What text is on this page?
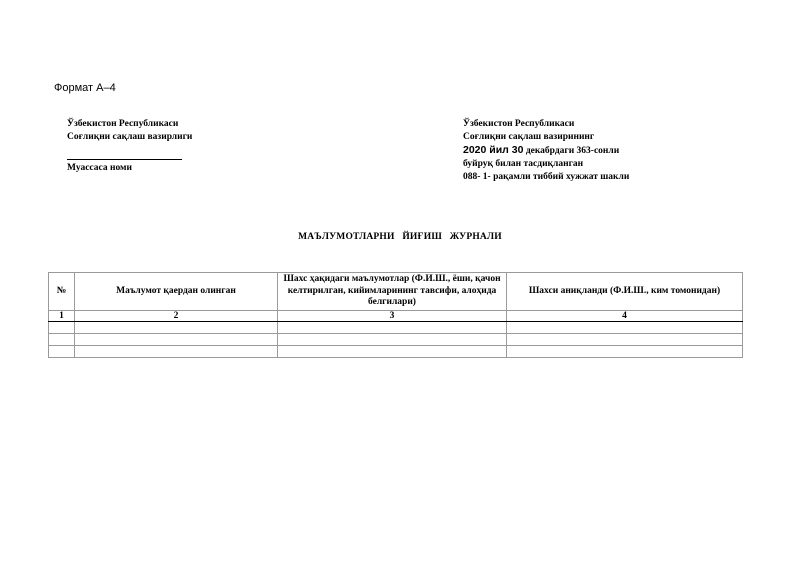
Формат А–4
Ўзбекистон Республикаси
Соғлиқни сақлаш вазирлиги
Муассаса номи
Ўзбекистон Республикаси
Соғлиқни сақлаш вазирининг
2020 йил 30 декабрдаги 363-сонли
буйруқ билан тасдиқланган
088- 1- рақамли тиббий хужжат шакли
МАЪЛУМОТЛАРНИ   ЙИҒИШ   ЖУРНАЛИ
№	Маълумот қаердан олинган	Шахс ҳақидаги маълумотлар (Ф.И.Ш., ёши, қачон келтирилган, кийимларининг тавсифи, алоҳида белгилари)	Шахси аниқланди (Ф.И.Ш., ким томонидан)
1	2	3	4
